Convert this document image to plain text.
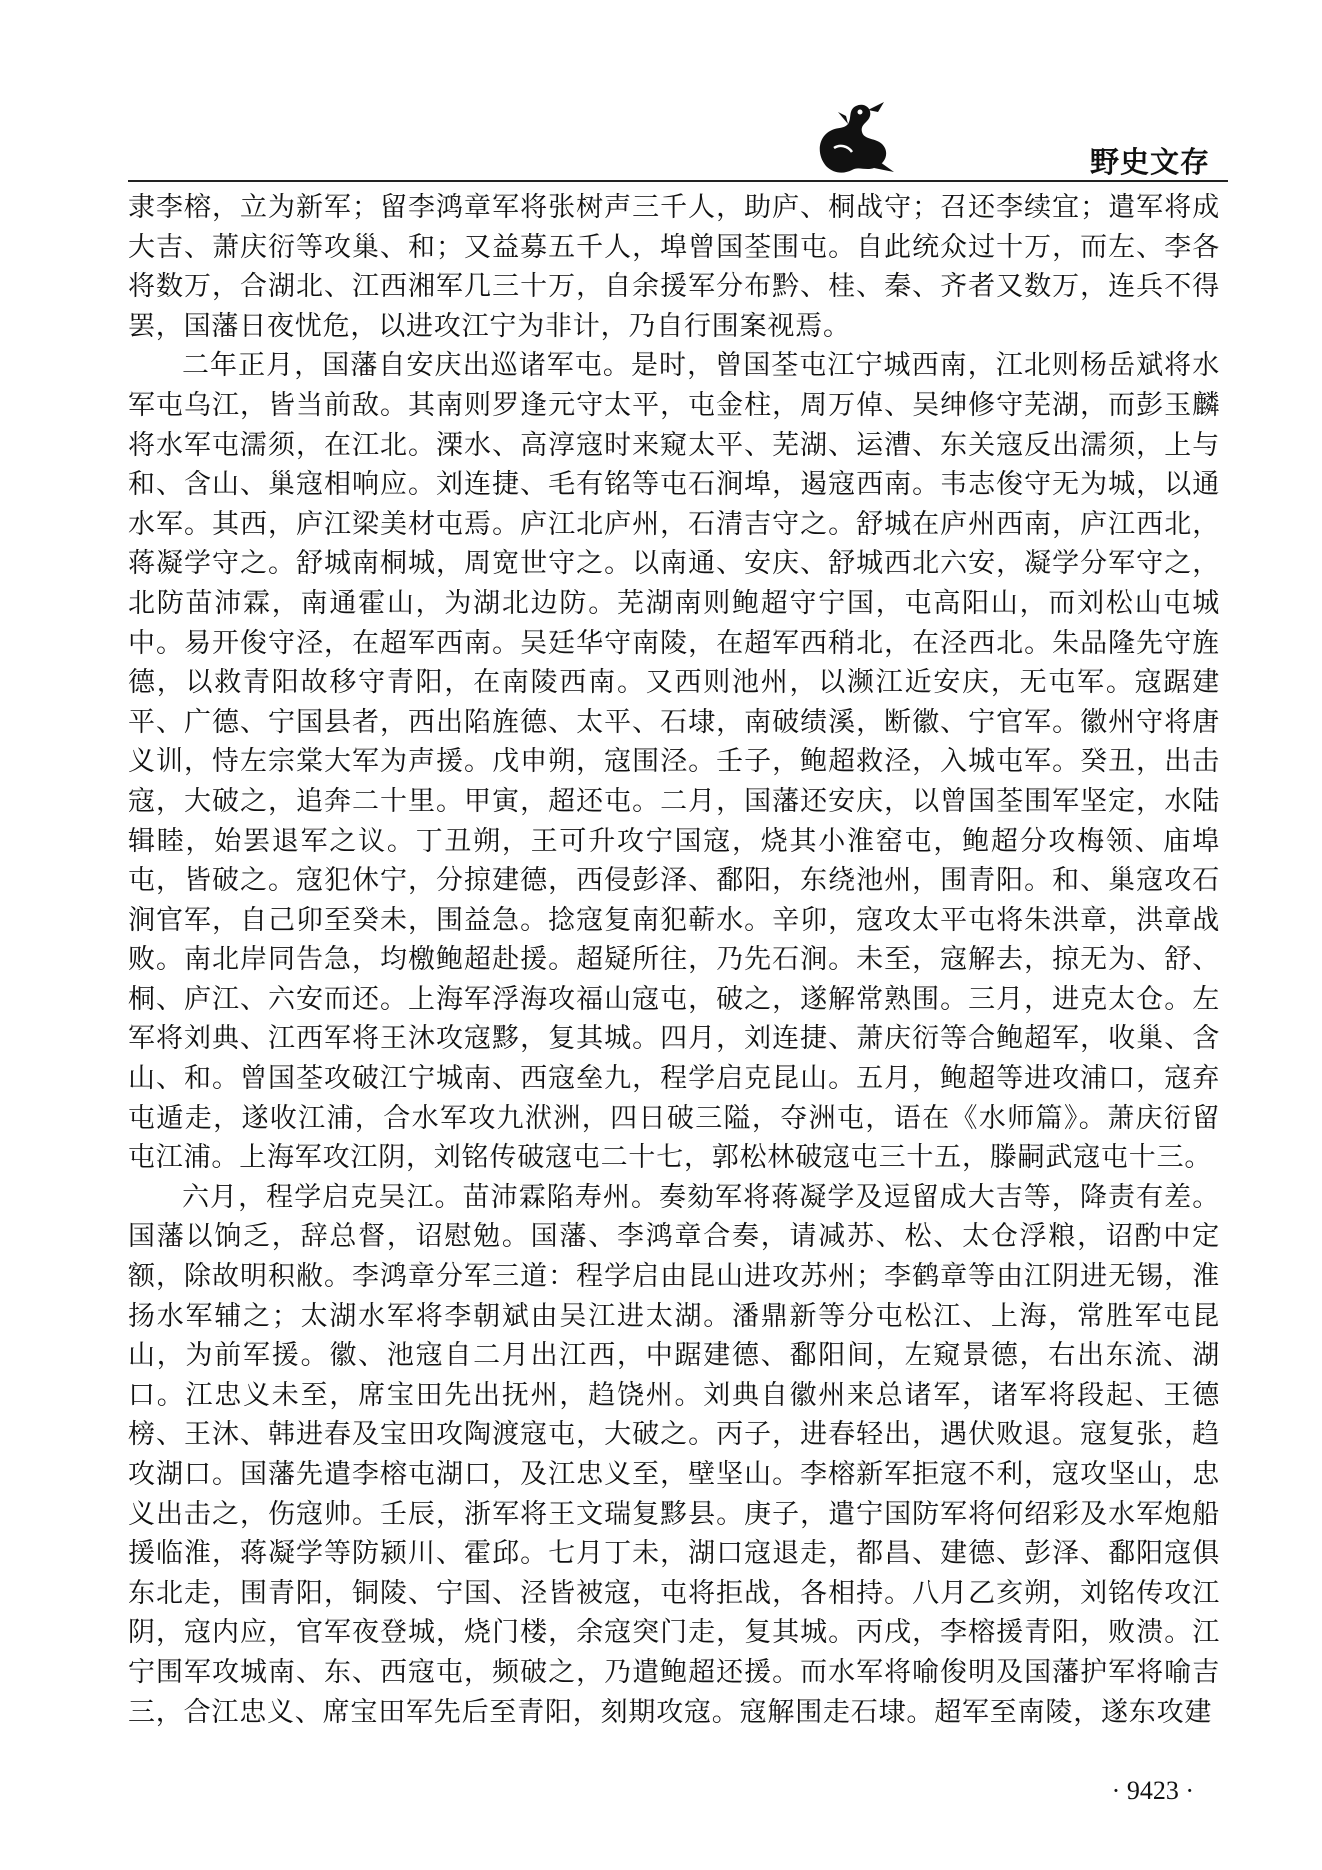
野史文存

隶李榕，立为新军；留李鸿章军将张树声三千人，助庐、桐战守；召还李续宜；遣军将成大吉、萧庆衍等攻巢、和；又益募五千人，埠曾国荃围屯。自此统众过十万，而左、李各将数万，合湖北、江西湘军几三十万，自余援军分布黔、桂、秦、齐者又数万，连兵不得罢，国藩日夜忧危，以进攻江宁为非计，乃自行围案视焉。

二年正月，国藩自安庆出巡诸军屯。是时，曾国荃屯江宁城西南，江北则杨岳斌将水军屯乌江，皆当前敌。其南则罗逢元守太平，屯金柱，周万倬、吴绅修守芜湖，而彭玉麟将水军屯濡须，在江北。溧水、高淳寇时来窥太平、芜湖、运漕、东关寇反出濡须，上与和、含山、巢寇相响应。刘连捷、毛有铭等屯石涧埠，遏寇西南。韦志俊守无为城，以通水军。其西，庐江梁美材屯焉。庐江北庐州，石清吉守之。舒城在庐州西南，庐江西北，蒋凝学守之。舒城南桐城，周宽世守之。以南通、安庆、舒城西北六安，凝学分军守之，北防苗沛霖，南通霍山，为湖北边防。芜湖南则鲍超守宁国，屯高阳山，而刘松山屯城中。易开俊守泾，在超军西南。吴廷华守南陵，在超军西稍北，在泾西北。朱品隆先守旌德，以救青阳故移守青阳，在南陵西南。又西则池州，以濒江近安庆，无屯军。寇踞建平、广德、宁国县者，西出陷旌德、太平、石埭，南破绩溪，断徽、宁官军。徽州守将唐义训，恃左宗棠大军为声援。戊申朔，寇围泾。壬子，鲍超救泾，入城屯军。癸丑，出击寇，大破之，追奔二十里。甲寅，超还屯。二月，国藩还安庆，以曾国荃围军坚定，水陆辑睦，始罢退军之议。丁丑朔，王可升攻宁国寇，烧其小淮窑屯，鲍超分攻梅领、庙埠屯，皆破之。寇犯休宁，分掠建德，西侵彭泽、鄱阳，东绕池州，围青阳。和、巢寇攻石涧官军，自己卯至癸未，围益急。捻寇复南犯蕲水。辛卯，寇攻太平屯将朱洪章，洪章战败。南北岸同告急，均檄鲍超赴援。超疑所往，乃先石涧。未至，寇解去，掠无为、舒、桐、庐江、六安而还。上海军浮海攻福山寇屯，破之，遂解常熟围。三月，进克太仓。左军将刘典、江西军将王沐攻寇黟，复其城。四月，刘连捷、萧庆衍等合鲍超军，收巢、含山、和。曾国荃攻破江宁城南、西寇垒九，程学启克昆山。五月，鲍超等进攻浦口，寇弃屯遁走，遂收江浦，合水军攻九洑洲，四日破三隘，夺洲屯，语在《水师篇》。萧庆衍留屯江浦。上海军攻江阴，刘铭传破寇屯二十七，郭松林破寇屯三十五，滕嗣武寇屯十三。

六月，程学启克吴江。苗沛霖陷寿州。奏劾军将蒋凝学及逗留成大吉等，降责有差。国藩以饷乏，辞总督，诏慰勉。国藩、李鸿章合奏，请减苏、松、太仓浮粮，诏酌中定额，除故明积敝。李鸿章分军三道：程学启由昆山进攻苏州；李鹤章等由江阴进无锡，淮扬水军辅之；太湖水军将李朝斌由吴江进太湖。潘鼎新等分屯松江、上海，常胜军屯昆山，为前军援。徽、池寇自二月出江西，中踞建德、鄱阳间，左窥景德，右出东流、湖口。江忠义未至，席宝田先出抚州，趋饶州。刘典自徽州来总诸军，诸军将段起、王德榜、王沐、韩进春及宝田攻陶渡寇屯，大破之。丙子，进春轻出，遇伏败退。寇复张，趋攻湖口。国藩先遣李榕屯湖口，及江忠义至，壁坚山。李榕新军拒寇不利，寇攻坚山，忠义出击之，伤寇帅。壬辰，浙军将王文瑞复黟县。庚子，遣宁国防军将何绍彩及水军炮船援临淮，蒋凝学等防颍川、霍邱。七月丁未，湖口寇退走，都昌、建德、彭泽、鄱阳寇俱东北走，围青阳，铜陵、宁国、泾皆被寇，屯将拒战，各相持。八月乙亥朔，刘铭传攻江阴，寇内应，官军夜登城，烧门楼，余寇突门走，复其城。丙戌，李榕援青阳，败溃。江宁围军攻城南、东、西寇屯，频破之，乃遣鲍超还援。而水军将喻俊明及国藩护军将喻吉三，合江忠义、席宝田军先后至青阳，刻期攻寇。寇解围走石埭。超军至南陵，遂东攻建

· 9423 ·
